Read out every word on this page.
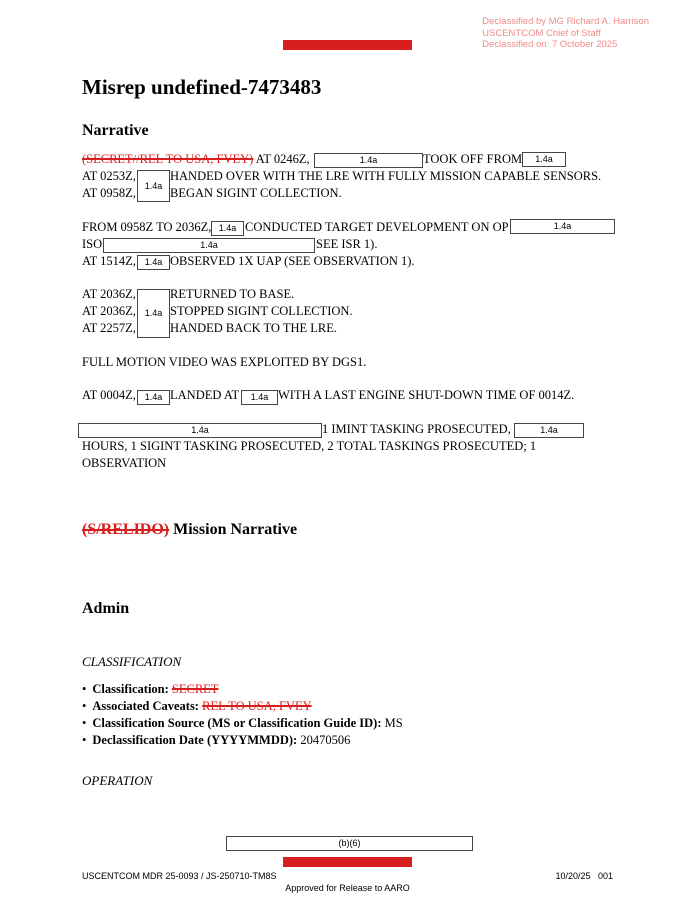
Declassified by MG Richard A. Harrison
USCENTCOM Chief of Staff
Declassified on: 7 October 2025
SECRET//REL TO USA, FVEY
Misrep undefined-7473483
Narrative
(SECRET//REL TO USA, FVEY) AT 0246Z,	1.4a	TOOK OFF FROM	1.4a
AT 0253Z,
1.4a
HANDED OVER WITH THE LRE WITH FULLY MISSION CAPABLE SENSORS.
AT 0958Z,	BEGAN SIGINT COLLECTION.
FROM 0958Z TO 2036Z, 1.4a CONDUCTED TARGET DEVELOPMENT ON OP	1.4a
ISO	1.4a	SEE ISR 1).
AT 1514Z, 1.4a OBSERVED 1X UAP (SEE OBSERVATION 1).
AT 2036Z,
AT 2036Z,
AT 2257Z,
1.4a
RETURNED TO BASE.
STOPPED SIGINT COLLECTION.
HANDED BACK TO THE LRE.
FULL MOTION VIDEO WAS EXPLOITED BY DGS1.
AT 0004Z, 1.4a LANDED AT	1.4a WITH A LAST ENGINE SHUT-DOWN TIME OF 0014Z.
1.4a	1 IMINT TASKING PROSECUTED,	1.4a
HOURS, 1 SIGINT TASKING PROSECUTED, 2 TOTAL TASKINGS PROSECUTED; 1
OBSERVATION
(S/RELIDO) Mission Narrative
Admin
CLASSIFICATION
• Classification: SECRET
• Associated Caveats: REL TO USA, FVEY
• Classification Source (MS or Classification Guide ID): MS
• Declassification Date (YYYYMMDD): 20470506
OPERATION
(b)(6)
SECRET//REL TO USA, FVEY
USCENTCOM MDR 25-0093 / JS-250710-TM8S	10/20/25   001
Approved for Release to AARO
